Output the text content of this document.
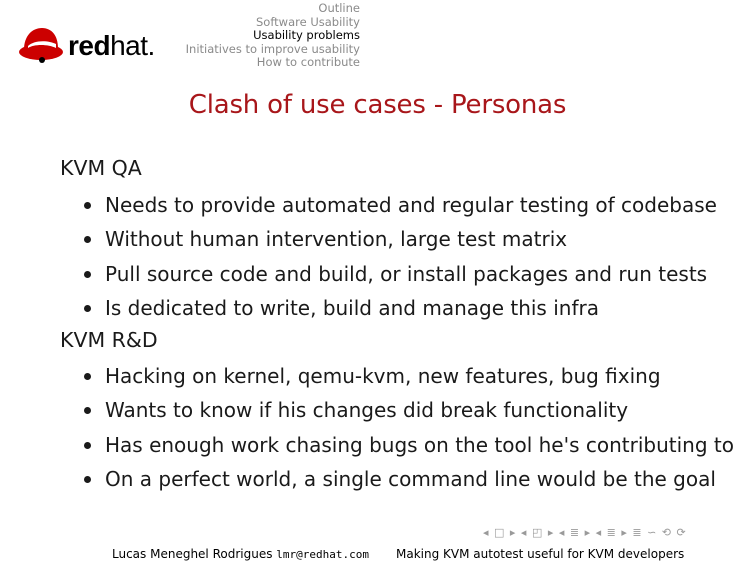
redhat.
Outline
Software Usability
Usability problems
Initiatives to improve usability
How to contribute
Clash of use cases - Personas
KVM QA
Needs to provide automated and regular testing of codebase
Without human intervention, large test matrix
Pull source code and build, or install packages and run tests
Is dedicated to write, build and manage this infra
KVM R&D
Hacking on kernel, qemu-kvm, new features, bug fixing
Wants to know if his changes did break functionality
Has enough work chasing bugs on the tool he's contributing to
On a perfect world, a single command line would be the goal
◂ □ ▸ ◂ ◰ ▸ ◂ ≣ ▸ ◂ ≣ ▸ ≣ ∽ ⟲ ⟳
Lucas Meneghel Rodrigues lmr@redhat.com Making KVM autotest useful for KVM developers
